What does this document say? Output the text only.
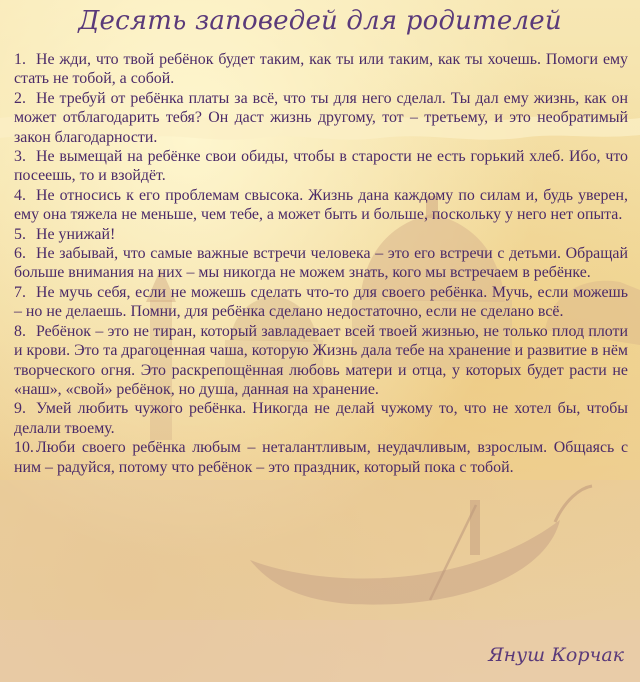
Десять заповедей для родителей

1. Не жди, что твой ребёнок будет таким, как ты или таким, как ты хочешь. Помоги ему стать не тобой, а собой.

2. Не требуй от ребёнка платы за всё, что ты для него сделал. Ты дал ему жизнь, как он может отблагодарить тебя? Он даст жизнь другому, тот – третьему, и это необратимый закон благодарности.

3. Не вымещай на ребёнке свои обиды, чтобы в старости не есть горький хлеб. Ибо, что посеешь, то и взойдёт.

4. Не относись к его проблемам свысока. Жизнь дана каждому по силам и, будь уверен, ему она тяжела не меньше, чем тебе, а может быть и больше, поскольку у него нет опыта.

5. Не унижай!

6. Не забывай, что самые важные встречи человека – это его встречи с детьми. Обращай больше внимания на них – мы никогда не можем знать, кого мы встречаем в ребёнке.

7. Не мучь себя, если не можешь сделать что-то для своего ребёнка. Мучь, если можешь – но не делаешь. Помни, для ребёнка сделано недостаточно, если не сделано всё.

8. Ребёнок – это не тиран, который завладевает всей твоей жизнью, не только плод плоти и крови. Это та драгоценная чаша, которую Жизнь дала тебе на хранение и развитие в нём творческого огня. Это раскрепощённая любовь матери и отца, у которых будет расти не «наш», «свой» ребёнок, но душа, данная на хранение.

9. Умей любить чужого ребёнка. Никогда не делай чужому то, что не хотел бы, чтобы делали твоему.

10. Люби своего ребёнка любым – неталантливым, неудачливым, взрослым. Общаясь с ним – радуйся, потому что ребёнок – это праздник, который пока с тобой.

Януш Корчак
